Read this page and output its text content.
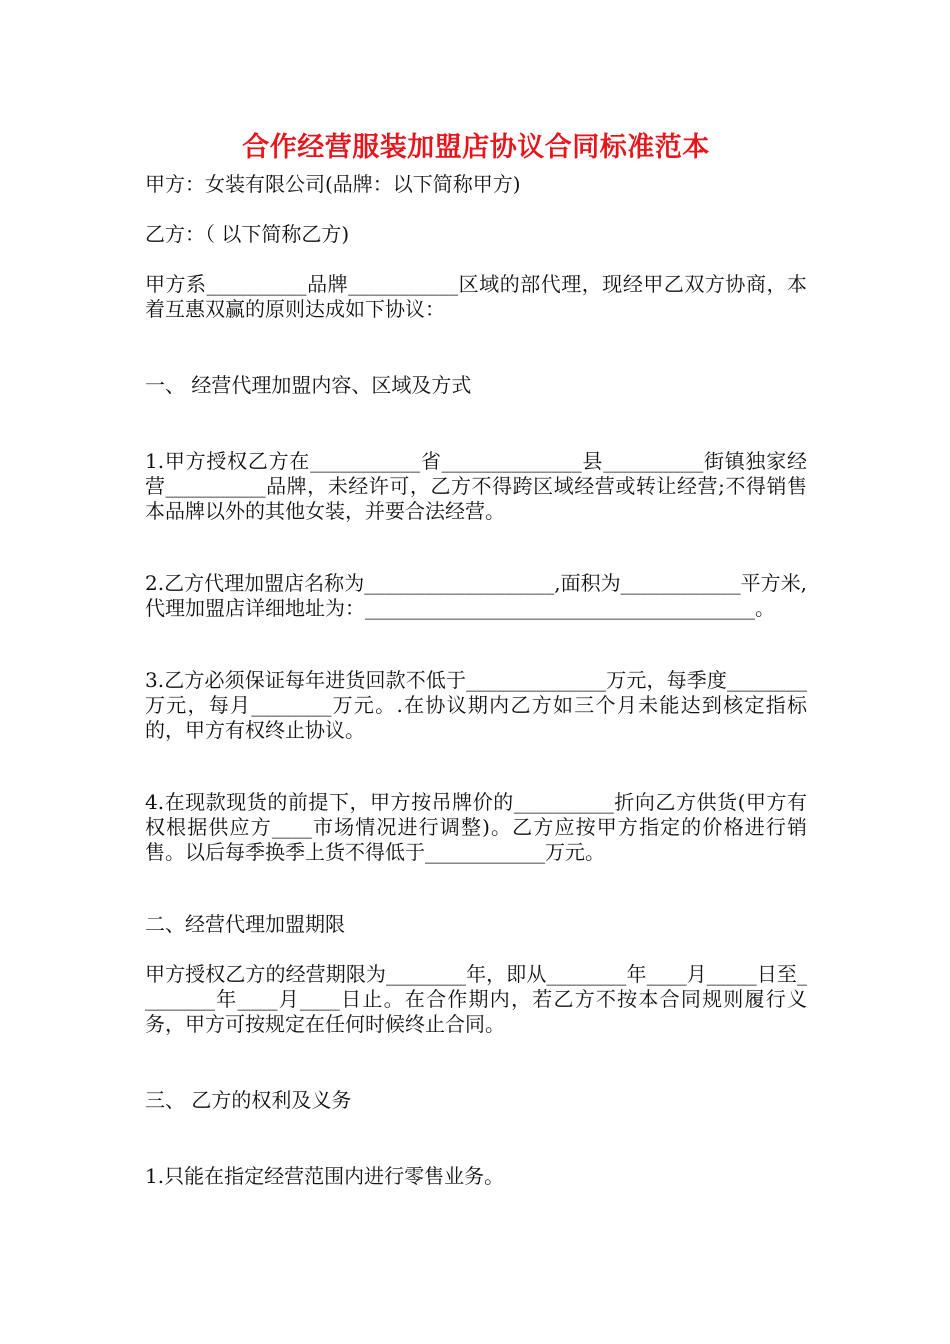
合作经营服装加盟店协议合同标准范本

甲方：女装有限公司(品牌：以下简称甲方)

乙方：（ 以下简称乙方)

甲方系__________品牌___________区域的部代理，现经甲乙双方协商，本着互惠双赢的原则达成如下协议：

一、 经营代理加盟内容、区域及方式

1.甲方授权乙方在___________省______________县__________街镇独家经营__________品牌，未经许可，乙方不得跨区域经营或转让经营;不得销售本品牌以外的其他女装，并要合法经营。

2.乙方代理加盟店名称为___________________,面积为____________平方米,代理加盟店详细地址为：_______________________________________。

3.乙方必须保证每年进货回款不低于______________万元，每季度________万元，每月________万元。.在协议期内乙方如三个月未能达到核定指标的，甲方有权终止协议。

4.在现款现货的前提下，甲方按吊牌价的__________折向乙方供货(甲方有权根据供应方____市场情况进行调整)。乙方应按甲方指定的价格进行销售。以后每季换季上货不得低于____________万元。

二、经营代理加盟期限

甲方授权乙方的经营期限为________年，即从________年____月_____日至________年____月____日止。在合作期内，若乙方不按本合同规则履行义务，甲方可按规定在任何时候终止合同。

三、 乙方的权利及义务

1.只能在指定经营范围内进行零售业务。
